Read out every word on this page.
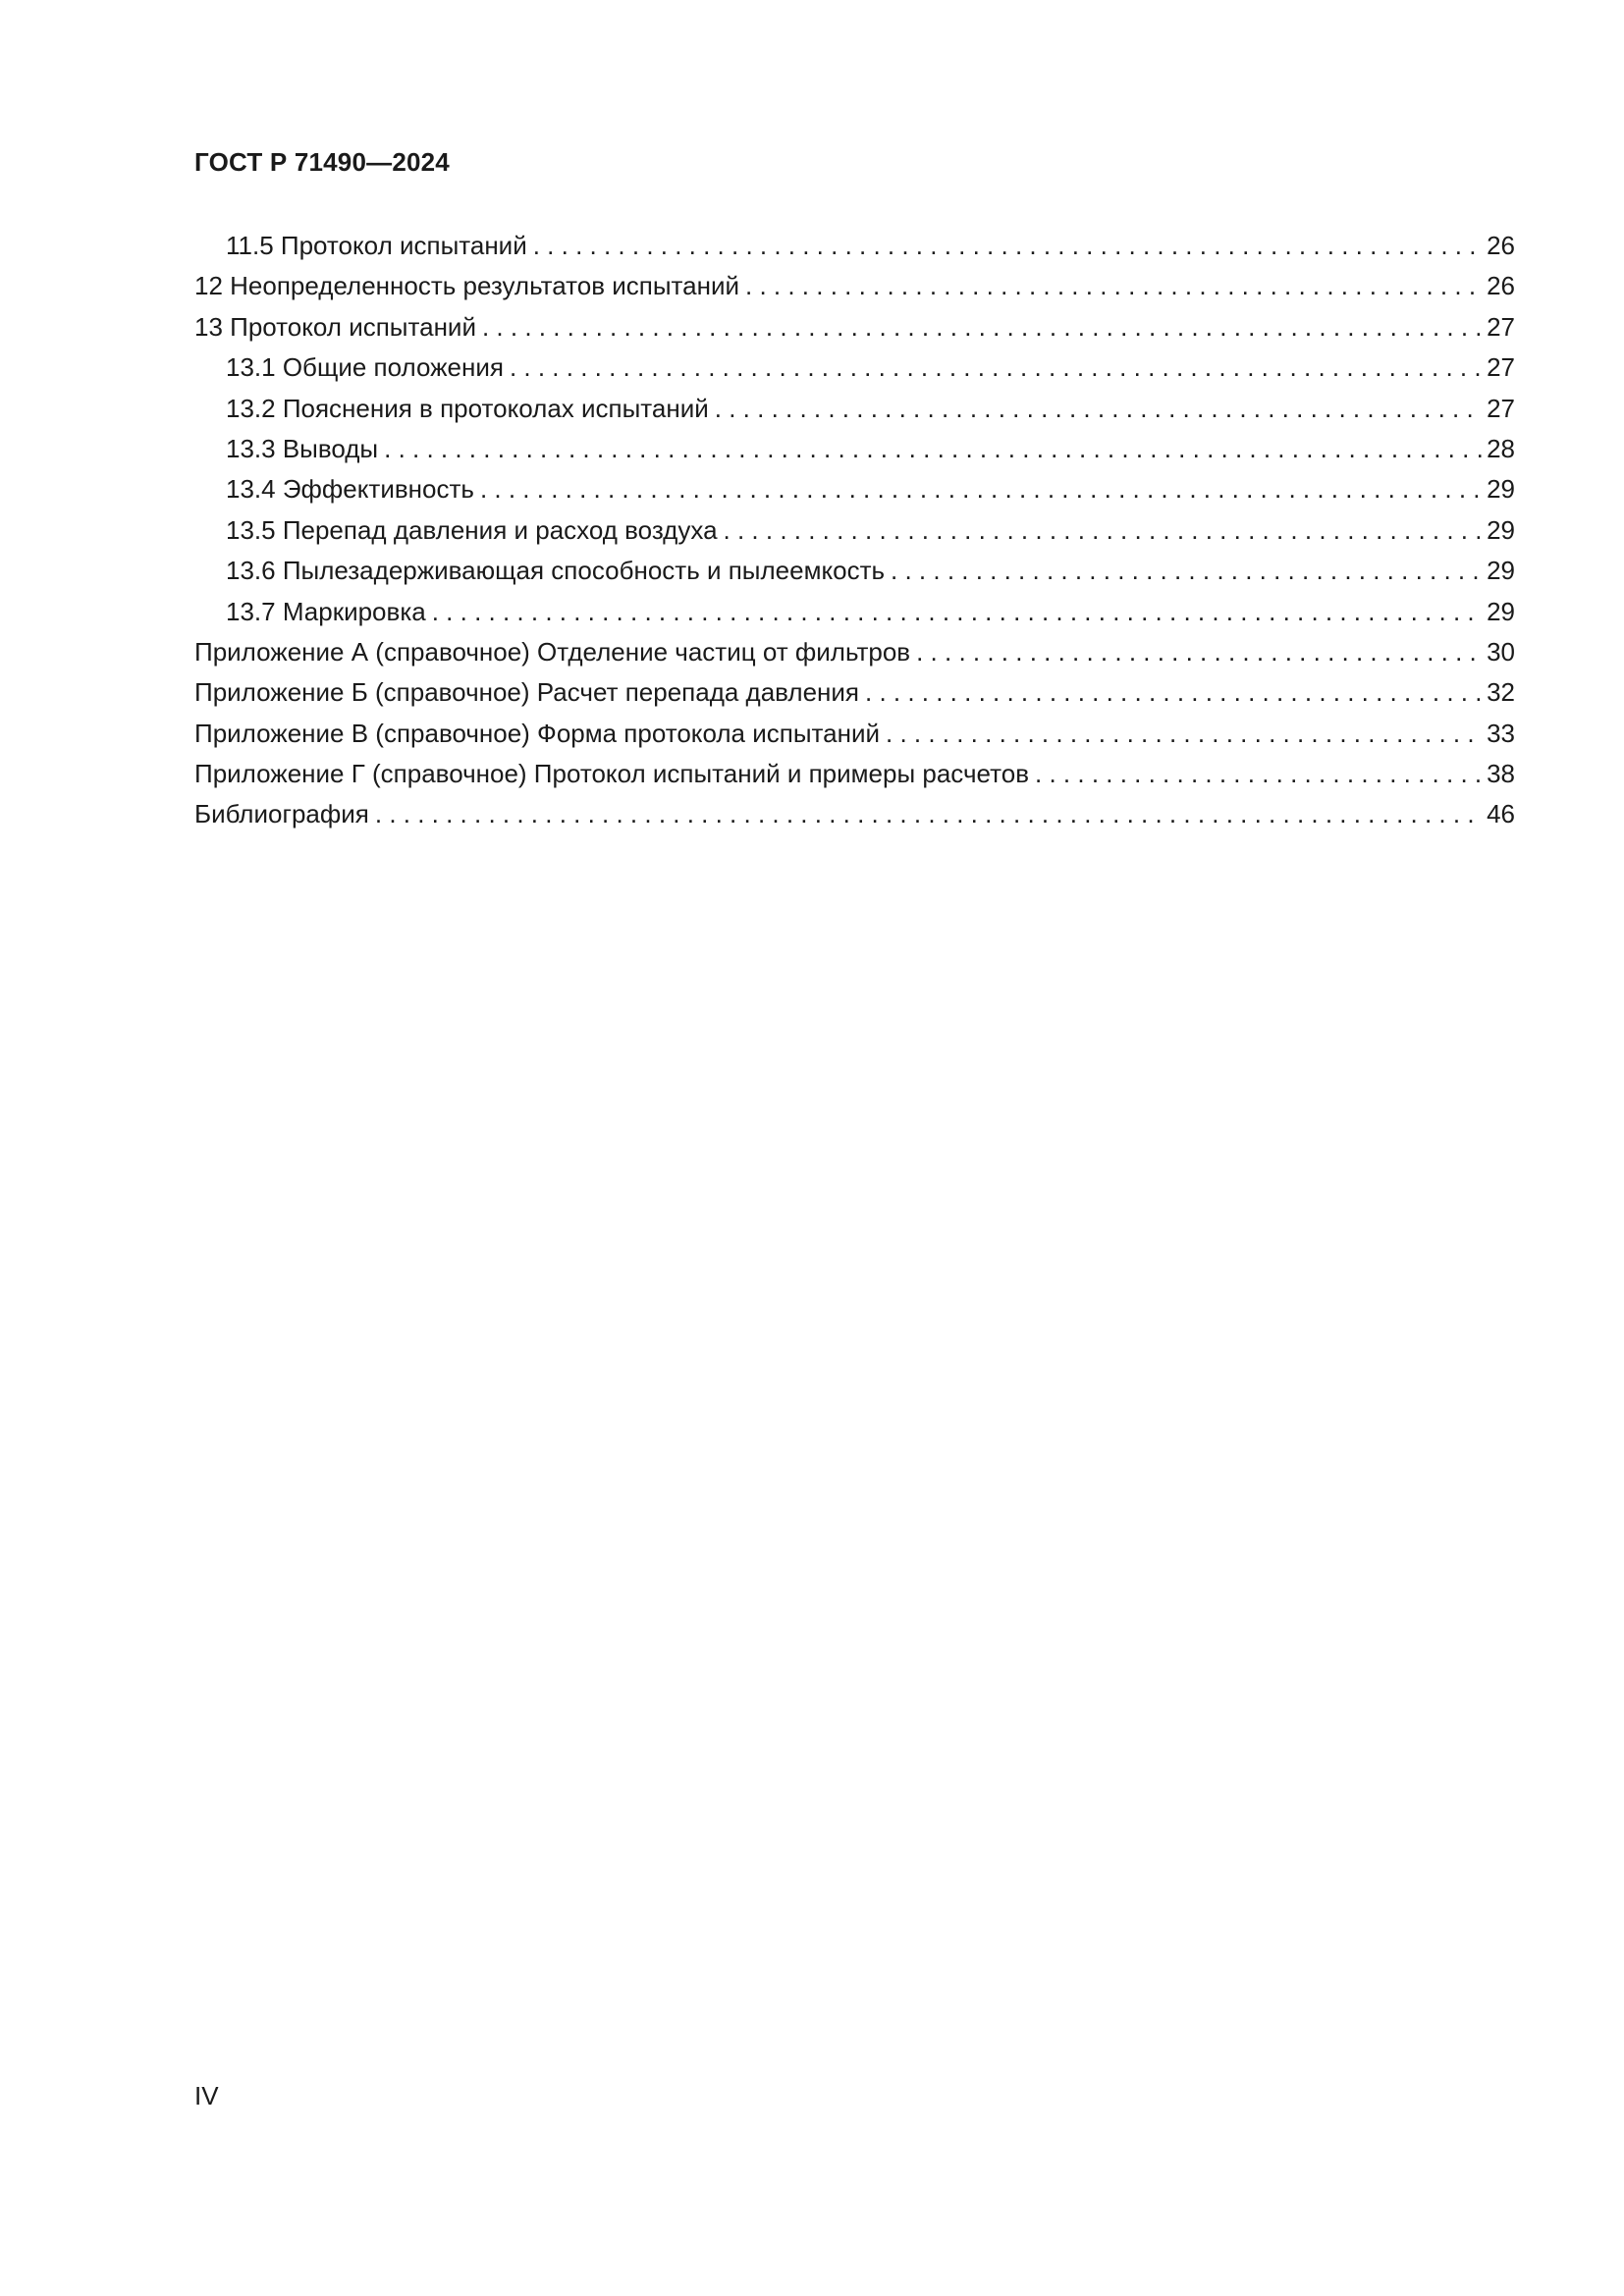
ГОСТ Р 71490—2024
11.5 Протокол испытаний . . .	26
12 Неопределенность результатов испытаний . . .	26
13 Протокол испытаний . . .	27
13.1 Общие положения . . .	27
13.2 Пояснения в протоколах испытаний . . .	27
13.3 Выводы . . .	28
13.4 Эффективность . . .	29
13.5 Перепад давления и расход воздуха . . .	29
13.6 Пылезадерживающая способность и пылеемкость . . .	29
13.7 Маркировка . . .	29
Приложение А (справочное) Отделение частиц от фильтров . . .	30
Приложение Б (справочное) Расчет перепада давления . . .	32
Приложение В (справочное) Форма протокола испытаний . . .	33
Приложение Г (справочное) Протокол испытаний и примеры расчетов . . .	38
Библиография . . .	46
IV
